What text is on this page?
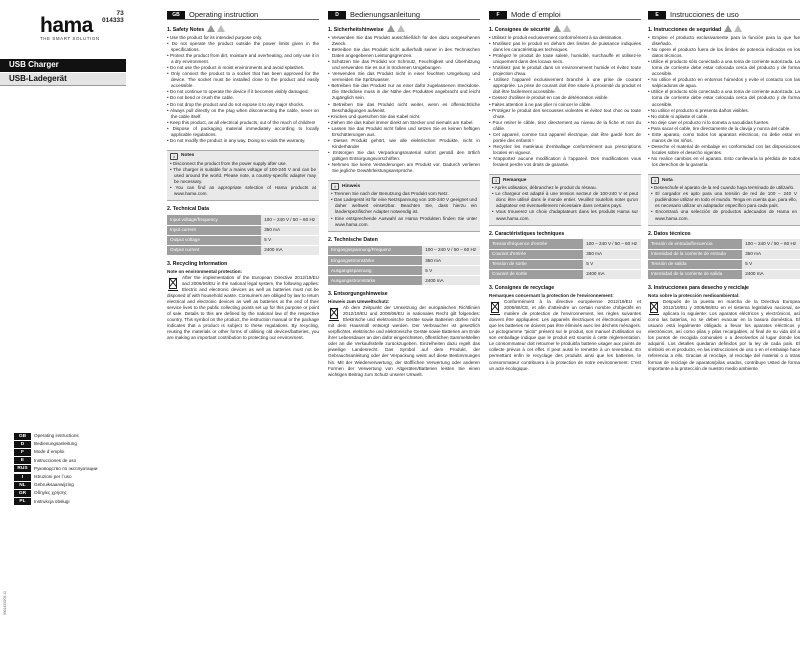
hama
THE SMART SOLUTION
73
014333
USB Charger
USB-Ladegerät
GB	Operating instructions
D	Bedienungsanleitung
F	Mode d´emploi
E	Instrucciones de uso
RUS	Руководство по эксплуатации
I	Istruzioni per l´uso
NL	Gebruiksaanwijzing
GR	Οδηγίες χρήσης
PL	Instrukcja obsługi
00014333/03.13
GB	Operating instruction
1. Safety Notes
• Use the product for its intended purpose only.
• Do not operate the product outside the power limits given in the specifications.
• Protect the product from dirt, moisture and overheating, and only use it in a dry environment.
• Do not use the product in moist environments and avoid splashes.
• Only connect the product to a socket that has been approved for the device. The socket must be installed close to the product and easily accessible.
• Do not continue to operate the device if it becomes visibly damaged.
• Do not bend or crush the cable.
• Do not drop the product and do not expose it to any major shocks.
• Always pull directly on the plug when disconnecting the cable, never on the cable itself.
• Keep this product, as all electrical products, out of the reach of children!
• Dispose of packaging material immediately according to locally applicable regulations.
• Do not modify the product in any way. Doing so voids the warranty.
i	Notes
• Disconnect the product from the power supply after use.
• The charger is suitable for a mains voltage of 100-240 V and can be used around the world. Please note, a country-specific adapter may be necessary.
• You can find an appropriate selection of Hama products at www.hama.com.
2. Technical Data
Input voltage/frequency	100 – 240 V / 50 – 60 Hz
Input current	350 mA
Output voltage	5 V
Output current	2400 mA
3. Recycling Information
Note on environmental protection:
After the implementation of the European Directive 2012/19/EU and 2006/66/EU in the national legal system, the following applies: Electric and electronic devices as well as batteries must not be disposed of with household waste. Consumers are obliged by law to return electrical and electronic devices as well as batteries at the end of their service lives to the public collecting points set up for this purpose or point of sale. Details to this are defined by the national law of the respective country. This symbol on the product, the instruction manual or the package indicates that a product is subject to these regulations. By recycling, reusing the materials or other forms of utilising old devices/batteries, you are making an important contribution to protecting our environment.
D	Bedienungsanleitung
1. Sicherheitshinweise
• Verwenden Sie das Produkt ausschließlich für den dazu vorgesehenen Zweck.
• Betreiben Sie das Produkt nicht außerhalb seiner in den Technischen Daten angegebenen Leistungsgrenzen.
• Schützen Sie das Produkt vor Schmutz, Feuchtigkeit und Überhitzung und verwenden Sie es nur in trockenen Umgebungen.
• Verwenden Sie das Produkt nicht in einer feuchten Umgebung und vermeiden Sie Spritzwasser.
• Betreiben Sie das Produkt nur an einer dafür zugelassenen Steckdose. Die Steckdose muss in der Nähe des Produktes angebracht und leicht zugänglich sein.
• Betreiben Sie das Produkt nicht weiter, wenn es offensichtliche Beschädigungen aufweist.
• Knicken und quetschen Sie das Kabel nicht.
• Ziehen Sie das Kabel immer direkt am Stecker und niemals am Kabel.
• Lassen Sie das Produkt nicht fallen und setzen Sie es keinen heftigen Erschütterungen aus.
• Dieses Produkt gehört, wie alle elektrischen Produkte, nicht in Kinderhände!
• Entsorgen Sie das Verpackungsmaterial sofort gemäß den örtlich gültigen Entsorgungsvorschriften.
• Nehmen Sie keine Veränderungen am Produkt vor. Dadurch verlieren Sie jegliche Gewährleistungsansprüche.
i	Hinweis
• Trennen Sie nach der Benutzung das Produkt vom Netz.
• Das Ladegerät ist für eine Netzspannung von 100-240 V geeignet und daher weltweit einsetzbar. Beachten Sie, dass hierzu ein länderspezifischer Adapter notwendig ist.
• Eine entsprechende Auswahl an Hama Produkten finden Sie unter www.hama.com.
2. Technische Daten
Eingangsspannung/Frequenz	100 – 240 V / 50 – 60 Hz
Eingangsstromstärke	350 mA
Ausgangsspannung	5 V
Ausgangsstromstärke	2400 mA
3. Entsorgungshinweise
Hinweis zum Umweltschutz:
Ab dem Zeitpunkt der Umsetzung der europäischen Richtlinien 2012/19/EU und 2006/66/EU in nationales Recht gilt folgendes: Elektrische und elektronische Geräte sowie Batterien dürfen nicht mit dem Hausmüll entsorgt werden. Der Verbraucher ist gesetzlich verpflichtet, elektrische und elektronische Geräte sowie Batterien am Ende ihrer Lebensdauer an den dafür eingerichteten, öffentlichen Sammelstellen oder an die Verkaufsstelle zurückzugeben. Einzelheiten dazu regelt das jeweilige Landesrecht. Das Symbol auf dem Produkt, der Gebrauchsanleitung oder der Verpackung weist auf diese Bestimmungen hin. Mit der Wiederverwertung, der stofflichen Verwertung oder anderen Formen der Verwertung von Altgeräten/Batterien leisten Sie einen wichtigen Beitrag zum Schutz unserer Umwelt.
F	Mode d´emploi
1. Consignes de sécurité
• Utilisez le produit exclusivement conformément à sa destination.
• N'utilisez pas le produit en dehors des limites de puissance indiquées dans les caractéristiques techniques.
• Protégez le produit de toute saleté, humidité, surchauffe et utilisez-le uniquement dans des locaux secs.
• N'utilisez pas le produit dans un environnement humide et évitez toute projection d'eau.
• Utilisez l'appareil exclusivement branché à une prise de courant appropriée. La prise de courant doit être située à proximité du produit et doit être facilement accessible.
• Cessez d'utiliser le produit en cas de détérioration visible.
• Faites attention à ne pas plier ni coincer le câble.
• Protégez le produit des secousses violentes et évitez tout choc ou toute chute.
• Pour retirer le câble, tirez directement au niveau de la fiche et non du câble.
• Cet appareil, comme tout appareil électrique, doit être gardé hors de portée des enfants !
• Recyclez les matériaux d'emballage conformément aux prescriptions locales en vigueur.
• N'apportez aucune modification à l'appareil. Des modifications vous feraient perdre vos droits de garantie.
i	Remarque
• Après utilisation, débranchez le produit du réseau.
• Le chargeur est adapté à une tension secteur de 100-240 V et peut donc être utilisé dans le monde entier. Veuillez toutefois noter qu'un adaptateur est éventuellement nécessaire dans certains pays.
• Vous trouverez un choix d'adaptateurs dans les produits Hama sur www.hama.com.
2. Caractéristiques techniques
Tension/fréquence d'entrée	100 – 240 V / 50 – 60 Hz
Courant d'entrée	350 mA
Tension de sortie	5 V
Courant de sortie	2400 mA
3. Consignes de recyclage
Remarques concernant la protection de l'environnement:
Conformément à la directive européenne 2012/19/EU et 2006/66/CE, et afin d'atteindre un certain nombre d'objectifs en matière de protection de l'environnement, les règles suivantes doivent être appliquées: Les appareils électriques et électroniques ainsi que les batteries ne doivent pas être éliminés avec les déchets ménagers. Le pictogramme "picto" présent sur le produit, son manuel d'utilisation ou son emballage indique que le produit est soumis à cette réglementation. Le consommateur doit retourner le produit/la batterie usager aux points de collecte prévus à cet effet. Il peut aussi le remettre à un revendeur. En permettant enfin le recyclage des produits ainsi que les batteries, le consommateur contribuera à la protection de notre environnement. C'est un acte écologique.
E	Instrucciones de uso
1. Instrucciones de seguridad
• Emplee el producto exclusivamente para la función para la que fue diseñado.
• No opere el producto fuera de los límites de potencia indicados en los datos técnicos.
• Utilice el producto sólo conectado a una toma de corriente autorizada. La toma de corriente debe estar colocada cerca del producto y de forma accesible.
• No utilice el producto en entornos húmedos y evite el contacto con las salpicaduras de agua.
• Utilice el producto sólo conectado a una toma de corriente autorizada. La toma de corriente debe estar colocada cerca del producto y de forma accesible.
• No utilice el producto si presenta daños visibles.
• No doble ni aplaste el cable.
• No deje caer el producto ni lo someta a sacudidas fuertes.
• Para sacar el cable, tire directamente de la clavija y nunca del cable.
• Este aparato, como todos los aparatos eléctricos, no debe estar en manos de los niños.
• Deseche el material de embalaje en conformidad con las disposiciones locales sobre el desecho vigentes.
• No realice cambios en el aparato. Esto conllevaría la pérdida de todos los derechos de la garantía.
i	Nota
• Desenchufe el aparato de la red cuando haya terminado de utilizarlo.
• El cargador es apto para una tensión de red de 100 – 240 V pudiéndose utilizar en todo el mundo. Tenga en cuenta que, para ello, es necesario utilizar un adaptador específico para cada país.
• Encontrará una selección de productos adecuados de Hama en www.hama.com.
2. Datos técnicos
Tensión de entrada/frecuencia	100 – 240 V / 50 – 60 Hz
Intensidad de la corriente de entrada	350 mA
Tensión de salida	5 V
Intensidad de la corriente de salida	2400 mA
3. Instrucciones para desecho y reciclaje
Nota sobre la protección medioambiental:
Después de la puesta en marcha de la Directiva Europea 2012/19/EU y 2006/66/EU en el sistema legislativo nacional, se aplicara lo siguiente: Los aparatos eléctricos y electrónicos, así como las baterías, no se deben evacuar en la basura doméstica. El usuario está legalmente obligado a llevar los aparatos eléctricos y electrónicos, así como pilas y pilas recargables, al final de su vida útil a los puntos de recogida comunales o a devolverlos al lugar donde los adquirió. Los detalles quedaran definidos por la ley de cada país. El símbolo en el producto, en las instrucciones de uso o en el embalaje hace referencia a ello. Gracias al reciclaje, al reciclaje del material o a otras formas de reciclaje de aparatos/pilas usados, contribuye Usted de forma importante a la protección de nuestro medio ambiente.
